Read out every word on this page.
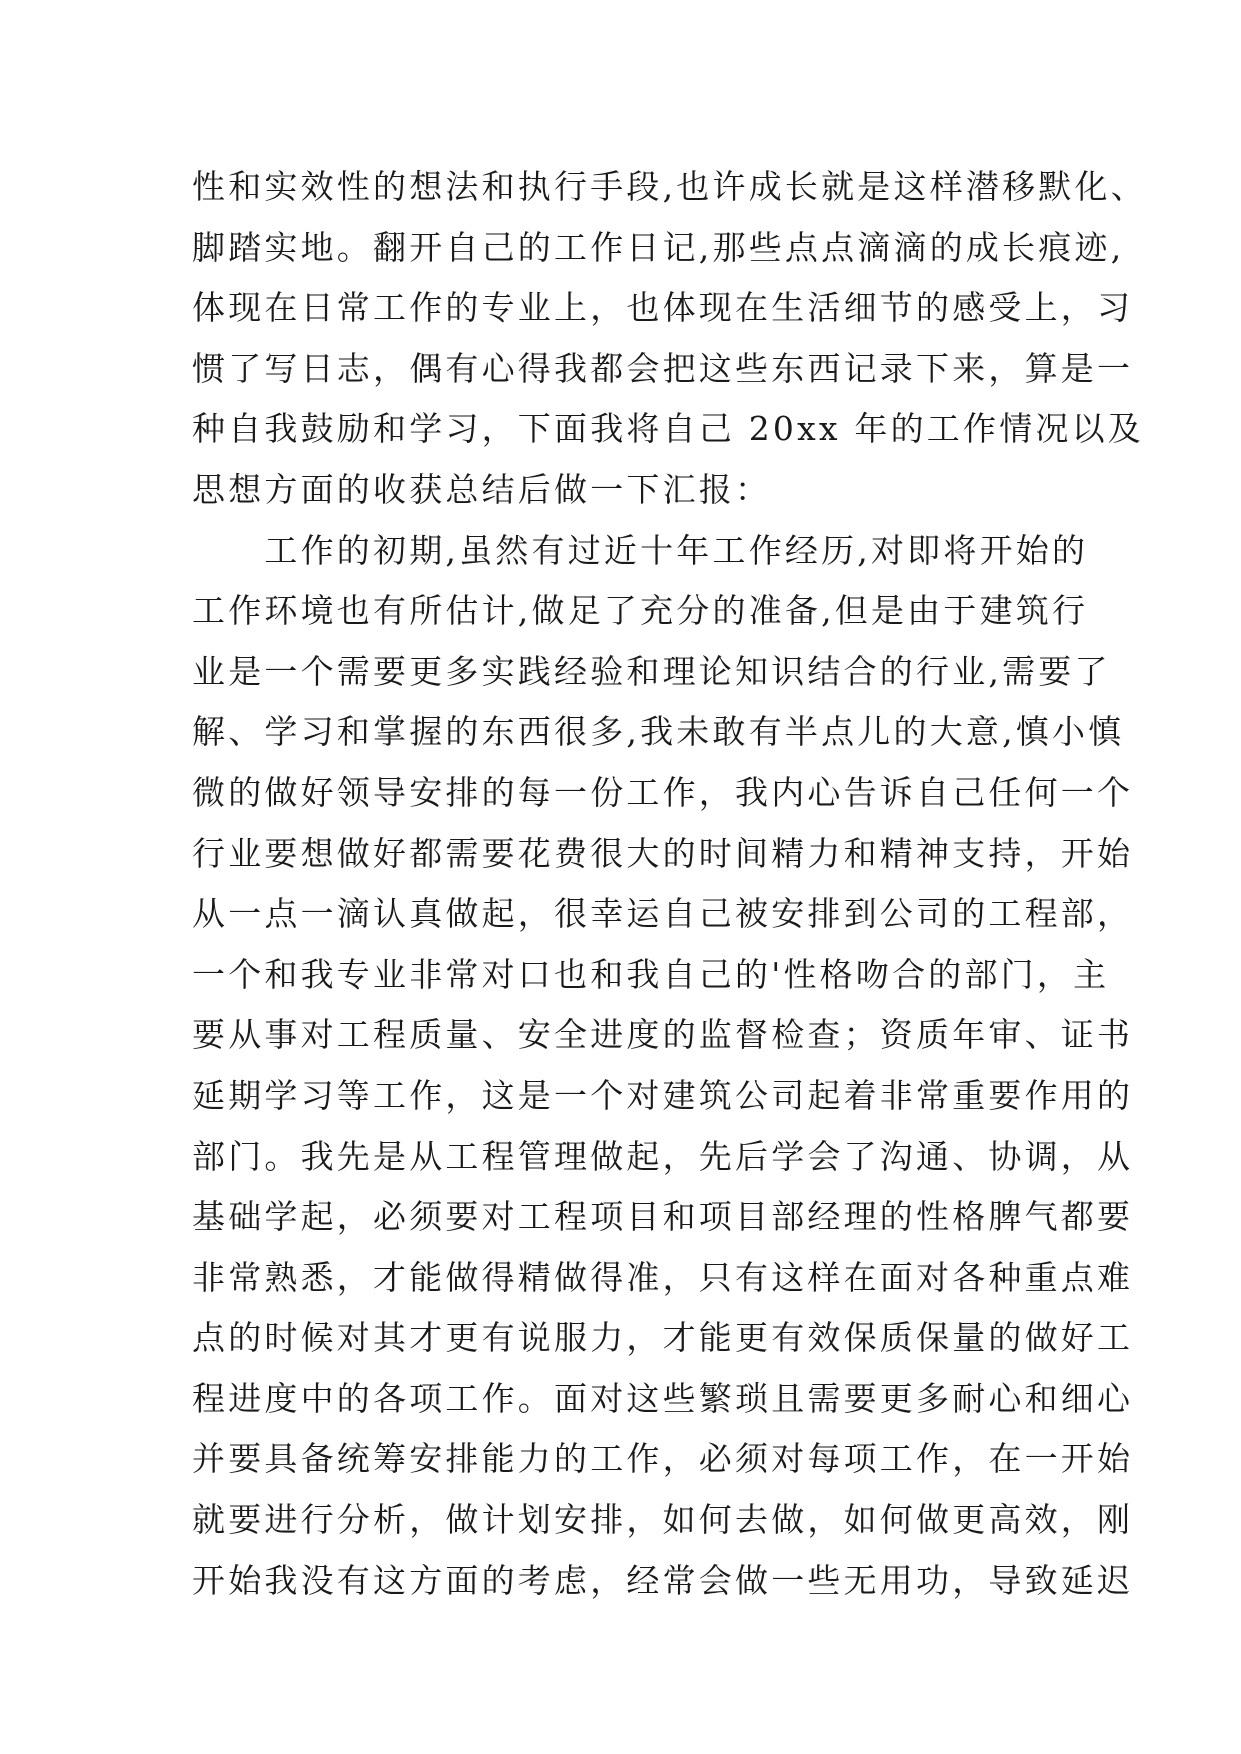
性和实效性的想法和执行手段,也许成长就是这样潜移默化、
脚踏实地。翻开自己的工作日记,那些点点滴滴的成长痕迹,
体现在日常工作的专业上，也体现在生活细节的感受上，习
惯了写日志，偶有心得我都会把这些东西记录下来，算是一
种自我鼓励和学习，下面我将自己 20xx 年的工作情况以及
思想方面的收获总结后做一下汇报：
　　工作的初期,虽然有过近十年工作经历,对即将开始的
工作环境也有所估计,做足了充分的准备,但是由于建筑行
业是一个需要更多实践经验和理论知识结合的行业,需要了
解、学习和掌握的东西很多,我未敢有半点儿的大意,慎小慎
微的做好领导安排的每一份工作，我内心告诉自己任何一个
行业要想做好都需要花费很大的时间精力和精神支持，开始
从一点一滴认真做起，很幸运自己被安排到公司的工程部，
一个和我专业非常对口也和我自己的'性格吻合的部门，主
要从事对工程质量、安全进度的监督检查；资质年审、证书
延期学习等工作，这是一个对建筑公司起着非常重要作用的
部门。我先是从工程管理做起，先后学会了沟通、协调，从
基础学起，必须要对工程项目和项目部经理的性格脾气都要
非常熟悉，才能做得精做得准，只有这样在面对各种重点难
点的时候对其才更有说服力，才能更有效保质保量的做好工
程进度中的各项工作。面对这些繁琐且需要更多耐心和细心
并要具备统筹安排能力的工作，必须对每项工作，在一开始
就要进行分析，做计划安排，如何去做，如何做更高效，刚
开始我没有这方面的考虑，经常会做一些无用功，导致延迟
